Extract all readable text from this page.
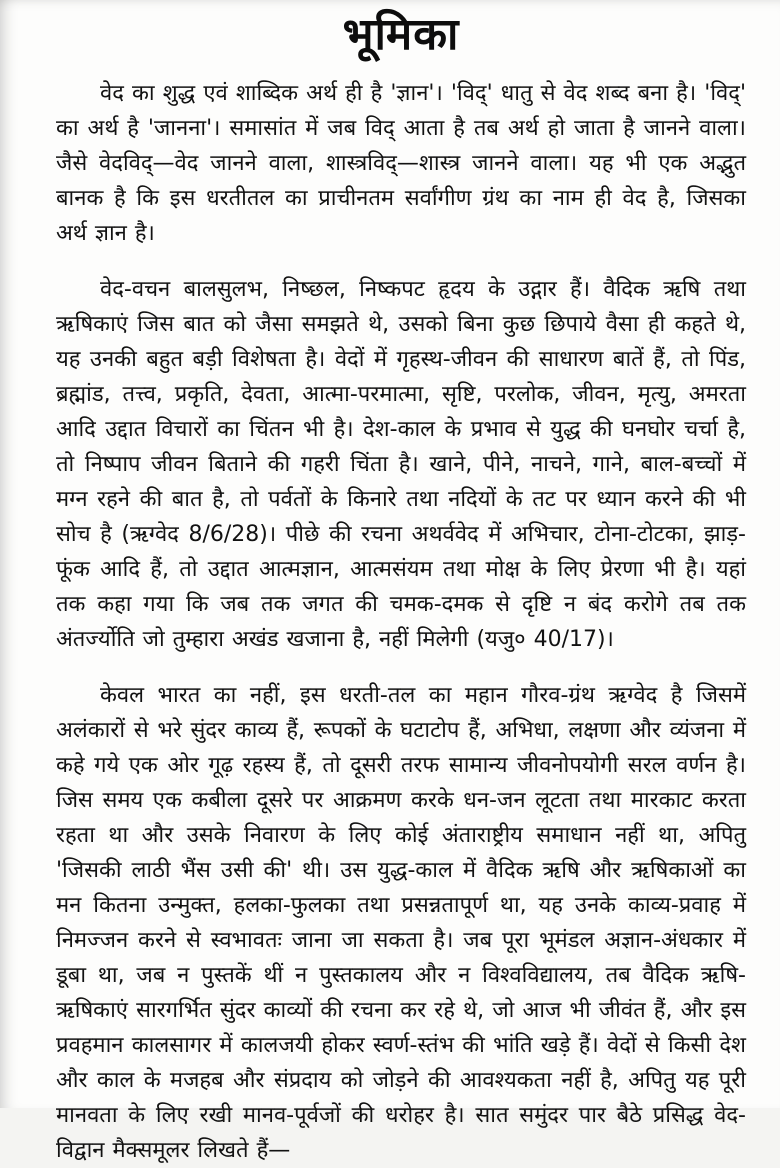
भूमिका

वेद का शुद्ध एवं शाब्दिक अर्थ ही है 'ज्ञान'। 'विद्' धातु से वेद शब्द बना है। 'विद्' का अर्थ है 'जानना'। समासांत में जब विद् आता है तब अर्थ हो जाता है जानने वाला। जैसे वेदविद्—वेद जानने वाला, शास्त्रविद्—शास्त्र जानने वाला। यह भी एक अद्भुत बानक है कि इस धरतीतल का प्राचीनतम सर्वांगीण ग्रंथ का नाम ही वेद है, जिसका अर्थ ज्ञान है।

वेद-वचन बालसुलभ, निष्छल, निष्कपट हृदय के उद्गार हैं। वैदिक ऋषि तथा ऋषिकाएं जिस बात को जैसा समझते थे, उसको बिना कुछ छिपाये वैसा ही कहते थे, यह उनकी बहुत बड़ी विशेषता है। वेदों में गृहस्थ-जीवन की साधारण बातें हैं, तो पिंड, ब्रह्मांड, तत्त्व, प्रकृति, देवता, आत्मा-परमात्मा, सृष्टि, परलोक, जीवन, मृत्यु, अमरता आदि उद्दात विचारों का चिंतन भी है। देश-काल के प्रभाव से युद्ध की घनघोर चर्चा है, तो निष्पाप जीवन बिताने की गहरी चिंता है। खाने, पीने, नाचने, गाने, बाल-बच्चों में मग्न रहने की बात है, तो पर्वतों के किनारे तथा नदियों के तट पर ध्यान करने की भी सोच है (ऋग्वेद 8/6/28)। पीछे की रचना अथर्ववेद में अभिचार, टोना-टोटका, झाड़-फूंक आदि हैं, तो उद्दात आत्मज्ञान, आत्मसंयम तथा मोक्ष के लिए प्रेरणा भी है। यहां तक कहा गया कि जब तक जगत की चमक-दमक से दृष्टि न बंद करोगे तब तक अंतर्ज्योति जो तुम्हारा अखंड खजाना है, नहीं मिलेगी (यजु० 40/17)।

केवल भारत का नहीं, इस धरती-तल का महान गौरव-ग्रंथ ऋग्वेद है जिसमें अलंकारों से भरे सुंदर काव्य हैं, रूपकों के घटाटोप हैं, अभिधा, लक्षणा और व्यंजना में कहे गये एक ओर गूढ़ रहस्य हैं, तो दूसरी तरफ सामान्य जीवनोपयोगी सरल वर्णन है। जिस समय एक कबीला दूसरे पर आक्रमण करके धन-जन लूटता तथा मारकाट करता रहता था और उसके निवारण के लिए कोई अंताराष्ट्रीय समाधान नहीं था, अपितु 'जिसकी लाठी भैंस उसी की' थी। उस युद्ध-काल में वैदिक ऋषि और ऋषिकाओं का मन कितना उन्मुक्त, हलका-फुलका तथा प्रसन्नतापूर्ण था, यह उनके काव्य-प्रवाह में निमज्जन करने से स्वभावतः जाना जा सकता है। जब पूरा भूमंडल अज्ञान-अंधकार में डूबा था, जब न पुस्तकें थीं न पुस्तकालय और न विश्वविद्यालय, तब वैदिक ऋषि-ऋषिकाएं सारगर्भित सुंदर काव्यों की रचना कर रहे थे, जो आज भी जीवंत हैं, और इस प्रवहमान कालसागर में कालजयी होकर स्वर्ण-स्तंभ की भांति खड़े हैं। वेदों से किसी देश और काल के मजहब और संप्रदाय को जोड़ने की आवश्यकता नहीं है, अपितु यह पूरी मानवता के लिए रखी मानव-पूर्वजों की धरोहर है। सात समुंदर पार बैठे प्रसिद्ध वेद-विद्वान मैक्समूलर लिखते हैं—
